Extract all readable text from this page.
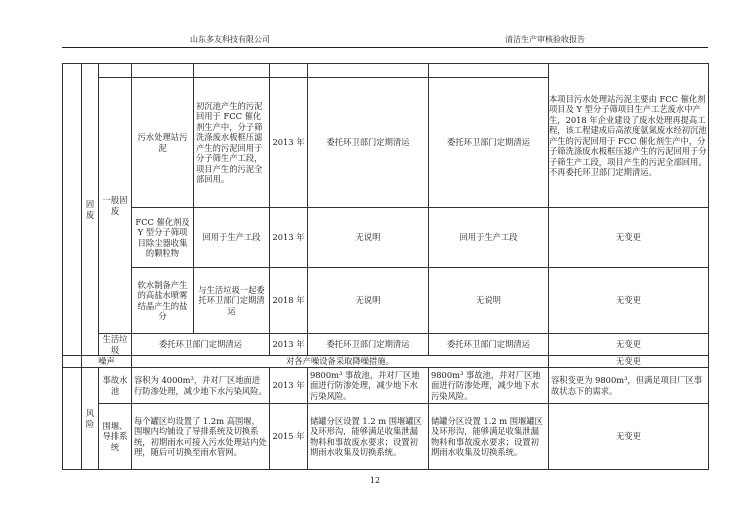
山东多友科技有限公司	清洁生产审核验收报告
	固废							本项目污水处理站污泥主要由 FCC 催化剂项目及 Y 型分子筛项目生产工艺废水中产生，2018 年企业建设了废水处理再提高工程，该工程建成后高浓度氨氮废水经初沉池产生的污泥回用于 FCC 催化剂生产中，分子筛洗涤废水板框压滤产生的污泥回用于分子筛生产工段，项目产生的污泥全部回用。不再委托环卫部门定期清运。
		一般固废	污水处理站污泥	初沉池产生的污泥回用于 FCC 催化剂生产中，分子筛洗涤废水板框压滤产生的污泥回用于分子筛生产工段，项目产生的污泥全部回用。	2013 年	委托环卫部门定期清运	委托环卫部门定期清运	
			FCC 催化剂及 Y 型分子筛项目除尘器收集的颗粒物	回用于生产工段	2013 年	无说明	回用于生产工段	无变更
			软水制备产生的高盐水喷雾结晶产生的盐分	与生活垃圾一起委托环卫部门定期清运	2018 年	无说明	无说明	无变更
		生活垃圾	委托环卫部门定期清运		2013 年	委托环卫部门定期清运	委托环卫部门定期清运	无变更
	噪声		对各产噪设备采取降噪措施。					无变更
	风险	事故水池	容积为 4000m³，并对厂区地面进行防渗处理，减少地下水污染风险。		2013 年	9800m³ 事故池，并对厂区地面进行防渗处理，减少地下水污染风险。	9800m³ 事故池，并对厂区地面进行防渗处理，减少地下水污染风险。	容积变更为 9800m³，但满足项目厂区事故状态下的需求。
		围堰、导排系统	每个罐区均设置了 1.2m 高围堰，围堰内均铺设了导排系统及切换系统，初期雨水可接入污水处理站内处理，随后可切换至雨水管网。		2015 年	储罐分区设置 1.2 m 围堰罐区及环形沟，能够满足收集泄漏物料和事故废水要求；设置初期雨水收集及切换系统。	储罐分区设置 1.2 m 围堰罐区及环形沟，能够满足收集泄漏物料和事故废水要求；设置初期雨水收集及切换系统。	无变更
12
